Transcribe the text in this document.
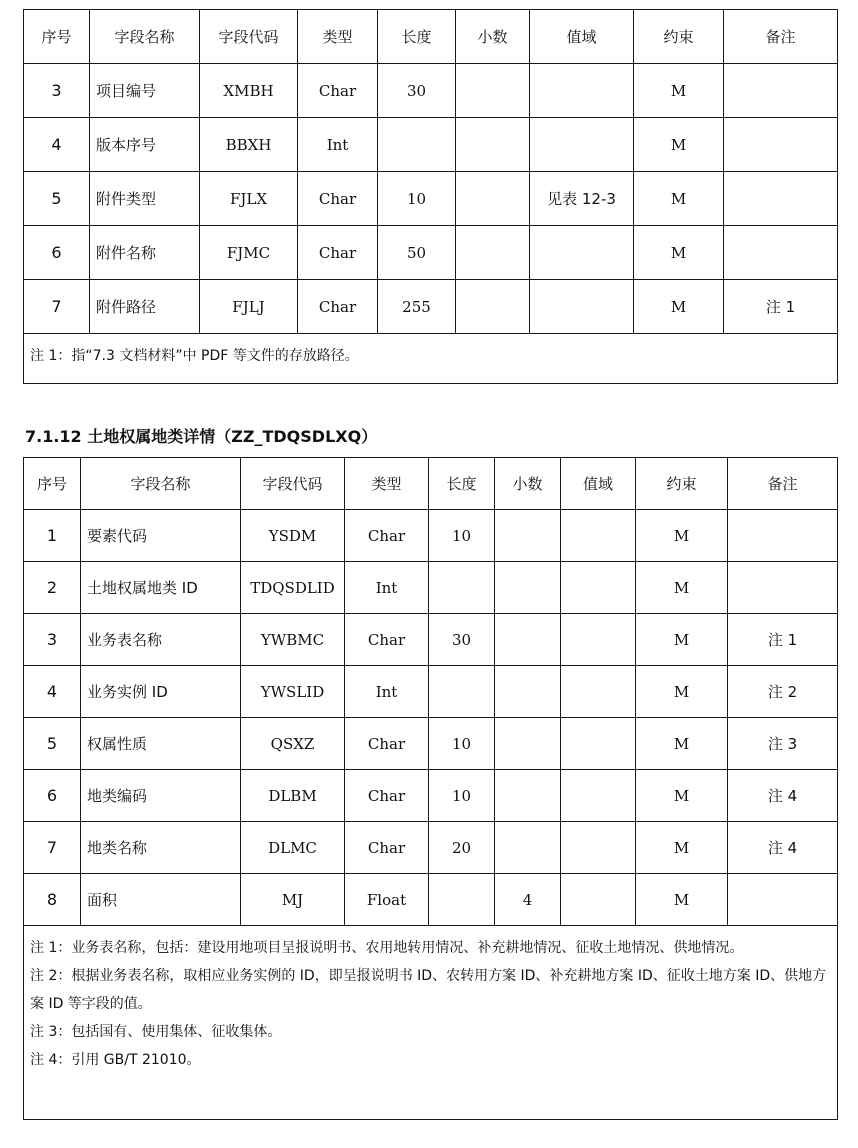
序号	字段名称	字段代码	类型	长度	小数	值域	约束	备注
3	项目编号	XMBH	Char	30			M	
4	版本序号	BBXH	Int				M	
5	附件类型	FJLX	Char	10		见表 12-3	M	
6	附件名称	FJMC	Char	50			M	
7	附件路径	FJLJ	Char	255			M	注 1

注 1：指“7.3 文档材料”中 PDF 等文件的存放路径。								
7.1.12 土地权属地类详情（ZZ_TDQSDLXQ）
序号	字段名称	字段代码	类型	长度	小数	值域	约束	备注
1	要素代码	YSDM	Char	10			M	
2	土地权属地类 ID	TDQSDLID	Int				M	
3	业务表名称	YWBMC	Char	30			M	注 1
4	业务实例 ID	YWSLID	Int				M	注 2
5	权属性质	QSXZ	Char	10			M	注 3
6	地类编码	DLBM	Char	10			M	注 4
7	地类名称	DLMC	Char	20			M	注 4
8	面积	MJ	Float		4		M	

注 1：业务表名称，包括：建设用地项目呈报说明书、农用地转用情况、补充耕地情况、征收土地情况、供地情况。
注 2：根据业务表名称，取相应业务实例的 ID，即呈报说明书 ID、农转用方案 ID、补充耕地方案 ID、征收土地方案 ID、供地方案 ID 等字段的值。
注 3：包括国有、使用集体、征收集体。
注 4：引用 GB/T 21010。								
